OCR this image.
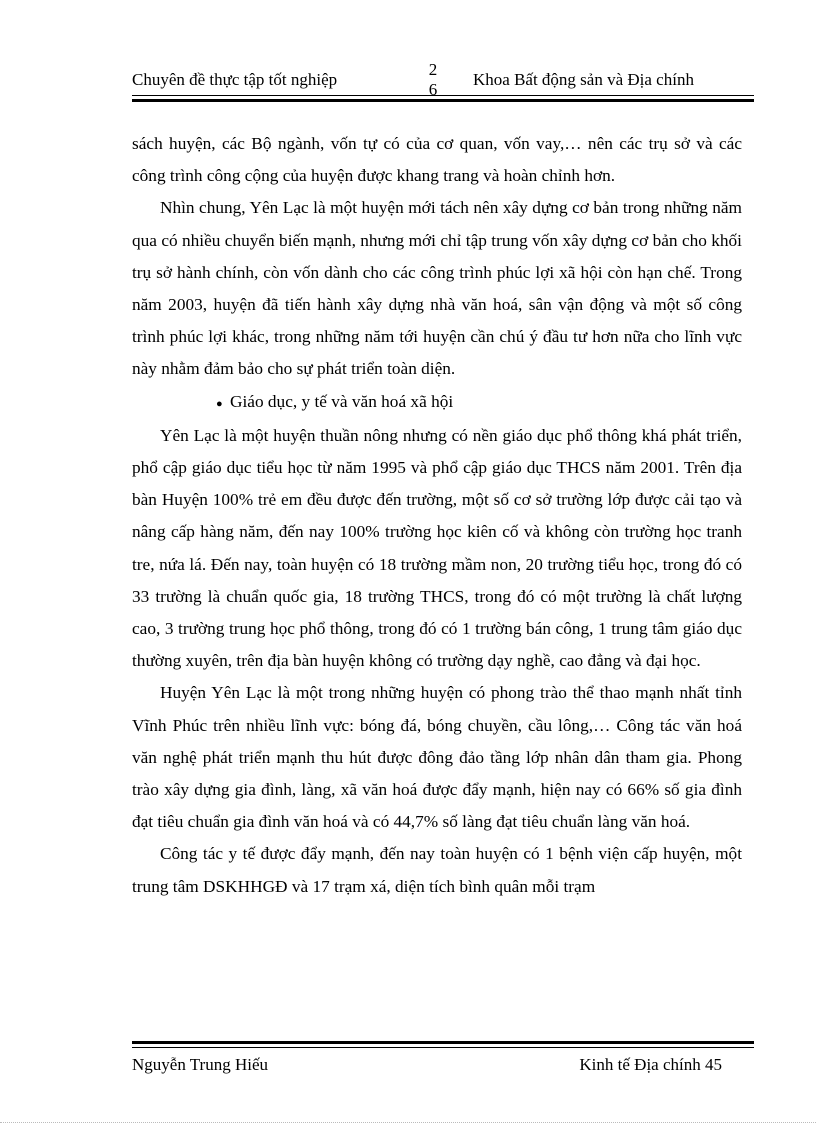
Chuyên đề thực tập tốt nghiệp
2
6
Khoa Bất động sản và Địa chính

sách huyện, các Bộ ngành, vốn tự có của cơ quan, vốn vay,… nên các trụ sở và các công trình công cộng của huyện được khang trang và hoàn chỉnh hơn.

Nhìn chung, Yên Lạc là một huyện mới tách nên xây dựng cơ bản trong những năm qua có nhiều chuyển biến mạnh, nhưng mới chỉ tập trung vốn xây dựng cơ bản cho khối trụ sở hành chính, còn vốn dành cho các công trình phúc lợi xã hội còn hạn chế. Trong năm 2003, huyện đã tiến hành xây dựng nhà văn hoá, sân vận động và một số công trình phúc lợi khác, trong những năm tới huyện cần chú ý đầu tư hơn nữa cho lĩnh vực này nhằm đảm bảo cho sự phát triển toàn diện.

● Giáo dục, y tế và văn hoá xã hội

Yên Lạc là một huyện thuần nông nhưng có nền giáo dục phổ thông khá phát triển, phổ cập giáo dục tiểu học từ năm 1995 và phổ cập giáo dục THCS năm 2001. Trên địa bàn Huyện 100% trẻ em đều được đến trường, một số cơ sở trường lớp được cải tạo và nâng cấp hàng năm, đến nay 100% trường học kiên cố và không còn trường học tranh tre, nứa lá. Đến nay, toàn huyện có 18 trường mầm non, 20 trường tiểu học, trong đó có 33 trường là chuẩn quốc gia, 18 trường THCS, trong đó có một trường là chất lượng cao, 3 trường trung học phổ thông, trong đó có 1 trường bán công, 1 trung tâm giáo dục thường xuyên, trên địa bàn huyện không có trường dạy nghề, cao đẳng và đại học.

Huyện Yên Lạc là một trong những huyện có phong trào thể thao mạnh nhất tỉnh Vĩnh Phúc trên nhiều lĩnh vực: bóng đá, bóng chuyền, cầu lông,… Công tác văn hoá văn nghệ phát triển mạnh thu hút được đông đảo tầng lớp nhân dân tham gia. Phong trào xây dựng gia đình, làng, xã văn hoá được đẩy mạnh, hiện nay có 66% số gia đình đạt tiêu chuẩn gia đình văn hoá và có 44,7% số làng đạt tiêu chuẩn làng văn hoá.

Công tác y tế được đẩy mạnh, đến nay toàn huyện có 1 bệnh viện cấp huyện, một trung tâm DSKHHGĐ và 17 trạm xá, diện tích bình quân mỗi trạm

Nguyễn Trung Hiếu	Kinh tế Địa chính 45
